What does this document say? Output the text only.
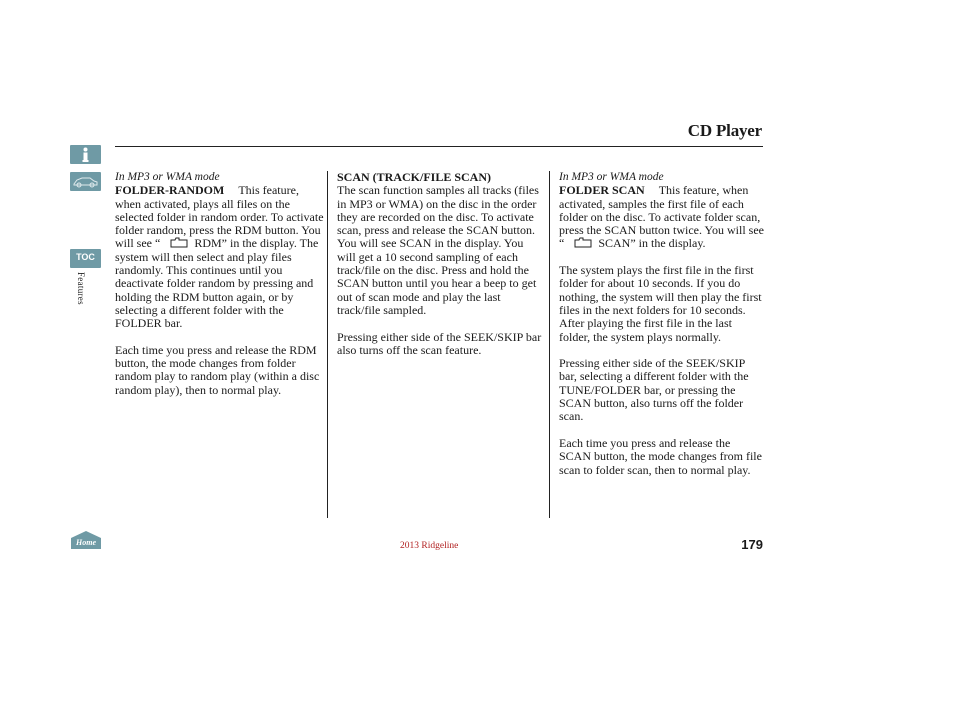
CD Player
TOC
Features
Home
In MP3 or WMA mode

FOLDER-RANDOM This feature, when activated, plays all files on the selected folder in random order. To activate folder random, press the RDM button. You will see “	RDM” in the display. The system will then select and play files randomly. This continues until you deactivate folder random by pressing and holding the RDM button again, or by selecting a different folder with the FOLDER bar.

Each time you press and release the RDM button, the mode changes from folder random play to random play (within a disc random play), then to normal play.

SCAN (TRACK/FILE SCAN)

The scan function samples all tracks (files in MP3 or WMA) on the disc in the order they are recorded on the disc. To activate scan, press and release the SCAN button. You will see SCAN in the display. You will get a 10 second sampling of each track/file on the disc. Press and hold the SCAN button until you hear a beep to get out of scan mode and play the last track/file sampled.

Pressing either side of the SEEK/SKIP bar also turns off the scan feature.

In MP3 or WMA mode

FOLDER SCAN This feature, when activated, samples the first file of each folder on the disc. To activate folder scan, press the SCAN button twice. You will see “	SCAN” in the display.

The system plays the first file in the first folder for about 10 seconds. If you do nothing, the system will then play the first files in the next folders for 10 seconds. After playing the first file in the last folder, the system plays normally.

Pressing either side of the SEEK/SKIP bar, selecting a different folder with the TUNE/FOLDER bar, or pressing the SCAN button, also turns off the folder scan.

Each time you press and release the SCAN button, the mode changes from file scan to folder scan, then to normal play.

2013 Ridgeline	179
